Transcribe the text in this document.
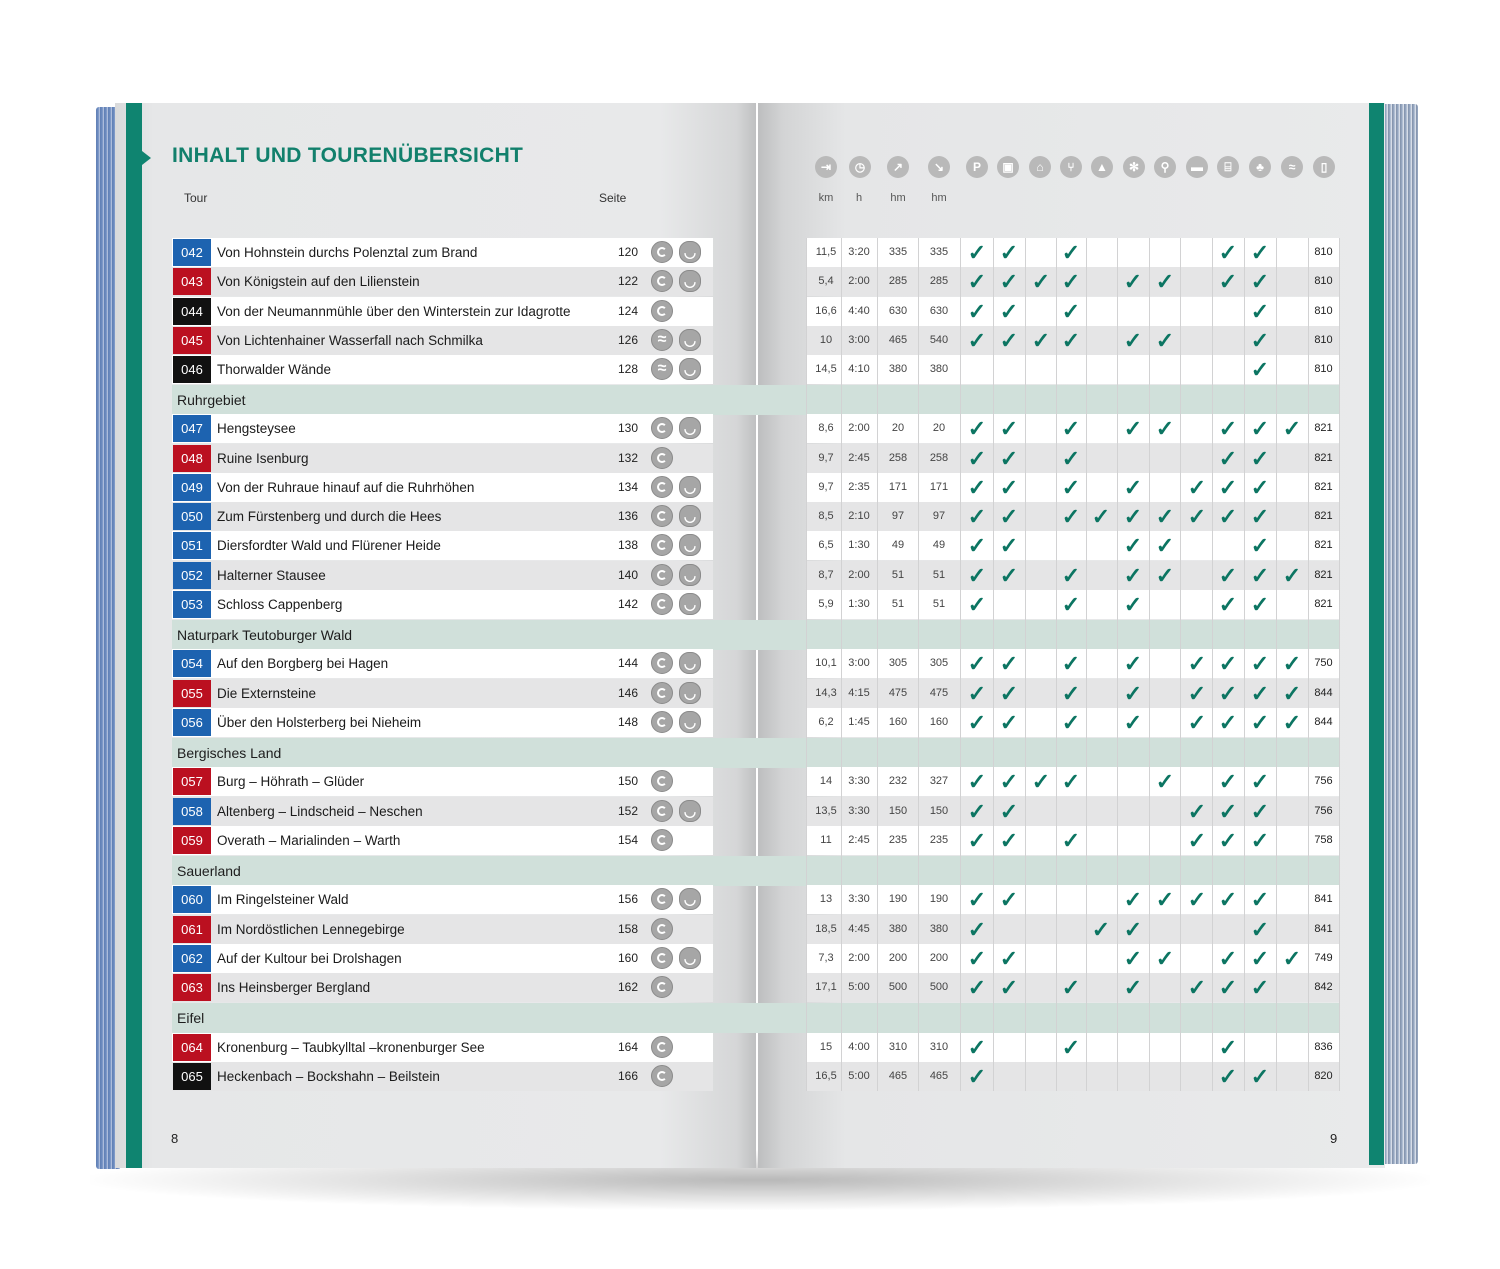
INHALT UND TOURENÜBERSICHT
Tour	Seite
⇥	◷	↗	↘	P	▣	⌂	⑂	▲	✻	⚲	▬	⌸	♣	≈	▯
km	h	hm	hm
042	Von Hohnstein durchs Polenztal zum Brand	120 ◡	11,5	3:20	335	335 ✓ ✓ ✓	✓ ✓	810
043	Von Königstein auf den Lilienstein	122 ◡	5,4	2:00	285	285 ✓ ✓ ✓ ✓ ✓ ✓ ✓ ✓	810
044	Von der Neumannmühle über den Winterstein zur Idagrotte	124	16,6	4:40	630	630 ✓ ✓ ✓	✓	810
045	Von Lichtenhainer Wasserfall nach Schmilka	126 ≈ ◡	10	3:00	465	540 ✓ ✓ ✓ ✓ ✓ ✓	✓	810
046	Thorwalder Wände	128 ≈ ◡	14,5	4:10	380	380	✓	810
Ruhrgebiet
047	Hengsteysee	130 ◡	8,6	2:00	20	20	✓ ✓ ✓ ✓ ✓ ✓ ✓ ✓	821
048	Ruine Isenburg	132	9,7	2:45	258	258 ✓ ✓ ✓	✓ ✓	821
049	Von der Ruhraue hinauf auf die Ruhrhöhen	134 ◡	9,7	2:35	171	171 ✓ ✓ ✓ ✓ ✓ ✓ ✓	821
050	Zum Fürstenberg und durch die Hees	136 ◡	8,5	2:10	97	97	✓ ✓ ✓ ✓ ✓ ✓ ✓ ✓ ✓	821
051	Diersfordter Wald und Flürener Heide	138 ◡	6,5	1:30	49	49	✓ ✓	✓ ✓	✓	821
052	Halterner Stausee	140 ◡	8,7	2:00	51	51	✓ ✓ ✓ ✓ ✓ ✓ ✓ ✓	821
053	Schloss Cappenberg	142 ◡	5,9	1:30	51	51	✓	✓ ✓	✓ ✓	821
Naturpark Teutoburger Wald
054	Auf den Borgberg bei Hagen	144 ◡	10,1	3:00	305	305 ✓ ✓ ✓ ✓ ✓ ✓ ✓ ✓	750
055	Die Externsteine	146 ◡	14,3	4:15	475	475 ✓ ✓ ✓ ✓ ✓ ✓ ✓ ✓	844
056	Über den Holsterberg bei Nieheim	148 ◡	6,2	1:45	160	160 ✓ ✓ ✓ ✓ ✓ ✓ ✓ ✓	844
Bergisches Land
057	Burg – Höhrath – Glüder	150	14	3:30	232	327 ✓ ✓ ✓ ✓	✓ ✓ ✓	756
058	Altenberg – Lindscheid – Neschen	152 ◡	13,5	3:30	150	150 ✓ ✓	✓ ✓ ✓	756
059	Overath – Marialinden – Warth	154	11	2:45	235	235 ✓ ✓ ✓	✓ ✓ ✓	758
Sauerland
060	Im Ringelsteiner Wald	156 ◡	13	3:30	190	190 ✓ ✓	✓ ✓ ✓ ✓ ✓	841
061	Im Nordöstlichen Lennegebirge	158	18,5	4:45	380	380 ✓	✓ ✓	✓	841
062	Auf der Kultour bei Drolshagen	160 ◡	7,3	2:00	200	200 ✓ ✓	✓ ✓ ✓ ✓ ✓	749
063	Ins Heinsberger Bergland	162	17,1	5:00	500	500 ✓ ✓ ✓ ✓ ✓ ✓ ✓	842
Eifel
064	Kronenburg – Taubkylltal –kronenburger See	164	15	4:00	310	310 ✓	✓	✓	836
065	Heckenbach – Bockshahn – Beilstein	166	16,5	5:00	465	465 ✓	✓ ✓	820
8	9
